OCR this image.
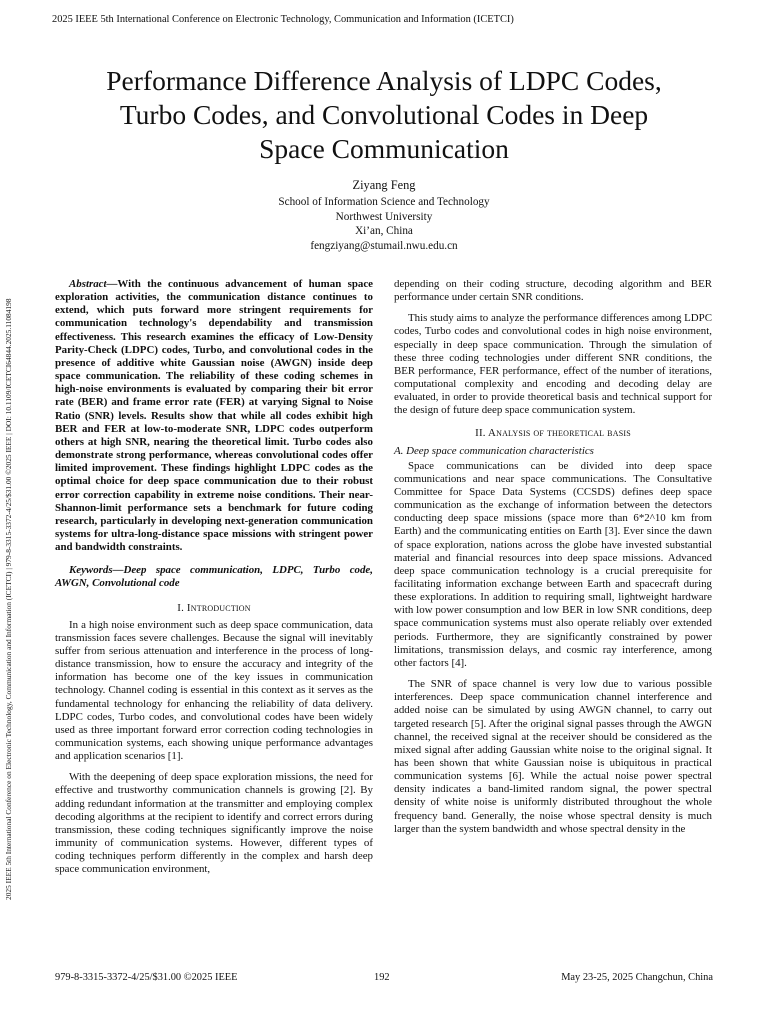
2025 IEEE 5th International Conference on Electronic Technology, Communication and Information (ICETCI)
2025 IEEE 5th International Conference on Electronic Technology, Communication and Information (ICETCI) | 979-8-3315-3372-4/25/$31.00 ©2025 IEEE | DOI: 10.1109/ICETCI64844.2025.11084198
Performance Difference Analysis of LDPC Codes,
Turbo Codes, and Convolutional Codes in Deep
Space Communication
Ziyang Feng
School of Information Science and Technology
Northwest University
Xi’an, China
fengziyang@stumail.nwu.edu.cn

Abstract—With the continuous advancement of human space exploration activities, the communication distance continues to extend, which puts forward more stringent requirements for communication technology's dependability and transmission effectiveness. This research examines the efficacy of Low-Density Parity-Check (LDPC) codes, Turbo, and convolutional codes in the presence of additive white Gaussian noise (AWGN) inside deep space communication. The reliability of these coding schemes in high-noise environments is evaluated by comparing their bit error rate (BER) and frame error rate (FER) at varying Signal to Noise Ratio (SNR) levels. Results show that while all codes exhibit high BER and FER at low-to-moderate SNR, LDPC codes outperform others at high SNR, nearing the theoretical limit. Turbo codes also demonstrate strong performance, whereas convolutional codes offer limited improvement. These findings highlight LDPC codes as the optimal choice for deep space communication due to their robust error correction capability in extreme noise conditions. Their near-Shannon-limit performance sets a benchmark for future coding research, particularly in developing next-generation communication systems for ultra-long-distance space missions with stringent power and bandwidth constraints.

Keywords—Deep space communication, LDPC, Turbo code, AWGN, Convolutional code

I. Introduction

In a high noise environment such as deep space communication, data transmission faces severe challenges. Because the signal will inevitably suffer from serious attenuation and interference in the process of long-distance transmission, how to ensure the accuracy and integrity of the information has become one of the key issues in communication technology. Channel coding is essential in this context as it serves as the fundamental technology for enhancing the reliability of data delivery. LDPC codes, Turbo codes, and convolutional codes have been widely used as three important forward error correction coding technologies in communication systems, each showing unique performance advantages and application scenarios [1].

With the deepening of deep space exploration missions, the need for effective and trustworthy communication channels is growing [2]. By adding redundant information at the transmitter and employing complex decoding algorithms at the recipient to identify and correct errors during transmission, these coding techniques significantly improve the noise immunity of communication systems. However, different types of coding techniques perform differently in the complex and harsh deep space communication environment,

depending on their coding structure, decoding algorithm and BER performance under certain SNR conditions.

This study aims to analyze the performance differences among LDPC codes, Turbo codes and convolutional codes in high noise environment, especially in deep space communication. Through the simulation of these three coding technologies under different SNR conditions, the BER performance, FER performance, effect of the number of iterations, computational complexity and encoding and decoding delay are evaluated, in order to provide theoretical basis and technical support for the design of future deep space communication system.

II. Analysis of theoretical basis
A. Deep space communication characteristics

Space communications can be divided into deep space communications and near space communications. The Consultative Committee for Space Data Systems (CCSDS) defines deep space communication as the exchange of information between the detectors conducting deep space missions (space more than 6*2^10 km from Earth) and the communicating entities on Earth [3]. Ever since the dawn of space exploration, nations across the globe have invested substantial material and financial resources into deep space missions. Advanced deep space communication technology is a crucial prerequisite for facilitating information exchange between Earth and spacecraft during these explorations. In addition to requiring small, lightweight hardware with low power consumption and low BER in low SNR conditions, deep space communication systems must also operate reliably over extended periods. Furthermore, they are significantly constrained by power limitations, transmission delays, and cosmic ray interference, among other factors [4].

The SNR of space channel is very low due to various possible interferences. Deep space communication channel interference and added noise can be simulated by using AWGN channel, to carry out targeted research [5]. After the original signal passes through the AWGN channel, the received signal at the receiver should be considered as the mixed signal after adding Gaussian white noise to the original signal. It has been shown that white Gaussian noise is ubiquitous in practical communication systems [6]. While the actual noise power spectral density indicates a band-limited random signal, the power spectral density of white noise is uniformly distributed throughout the whole frequency band. Generally, the noise whose spectral density is much larger than the system bandwidth and whose spectral density in the

979-8-3315-3372-4/25/$31.00 ©2025 IEEE	192	May 23-25, 2025 Changchun, China
